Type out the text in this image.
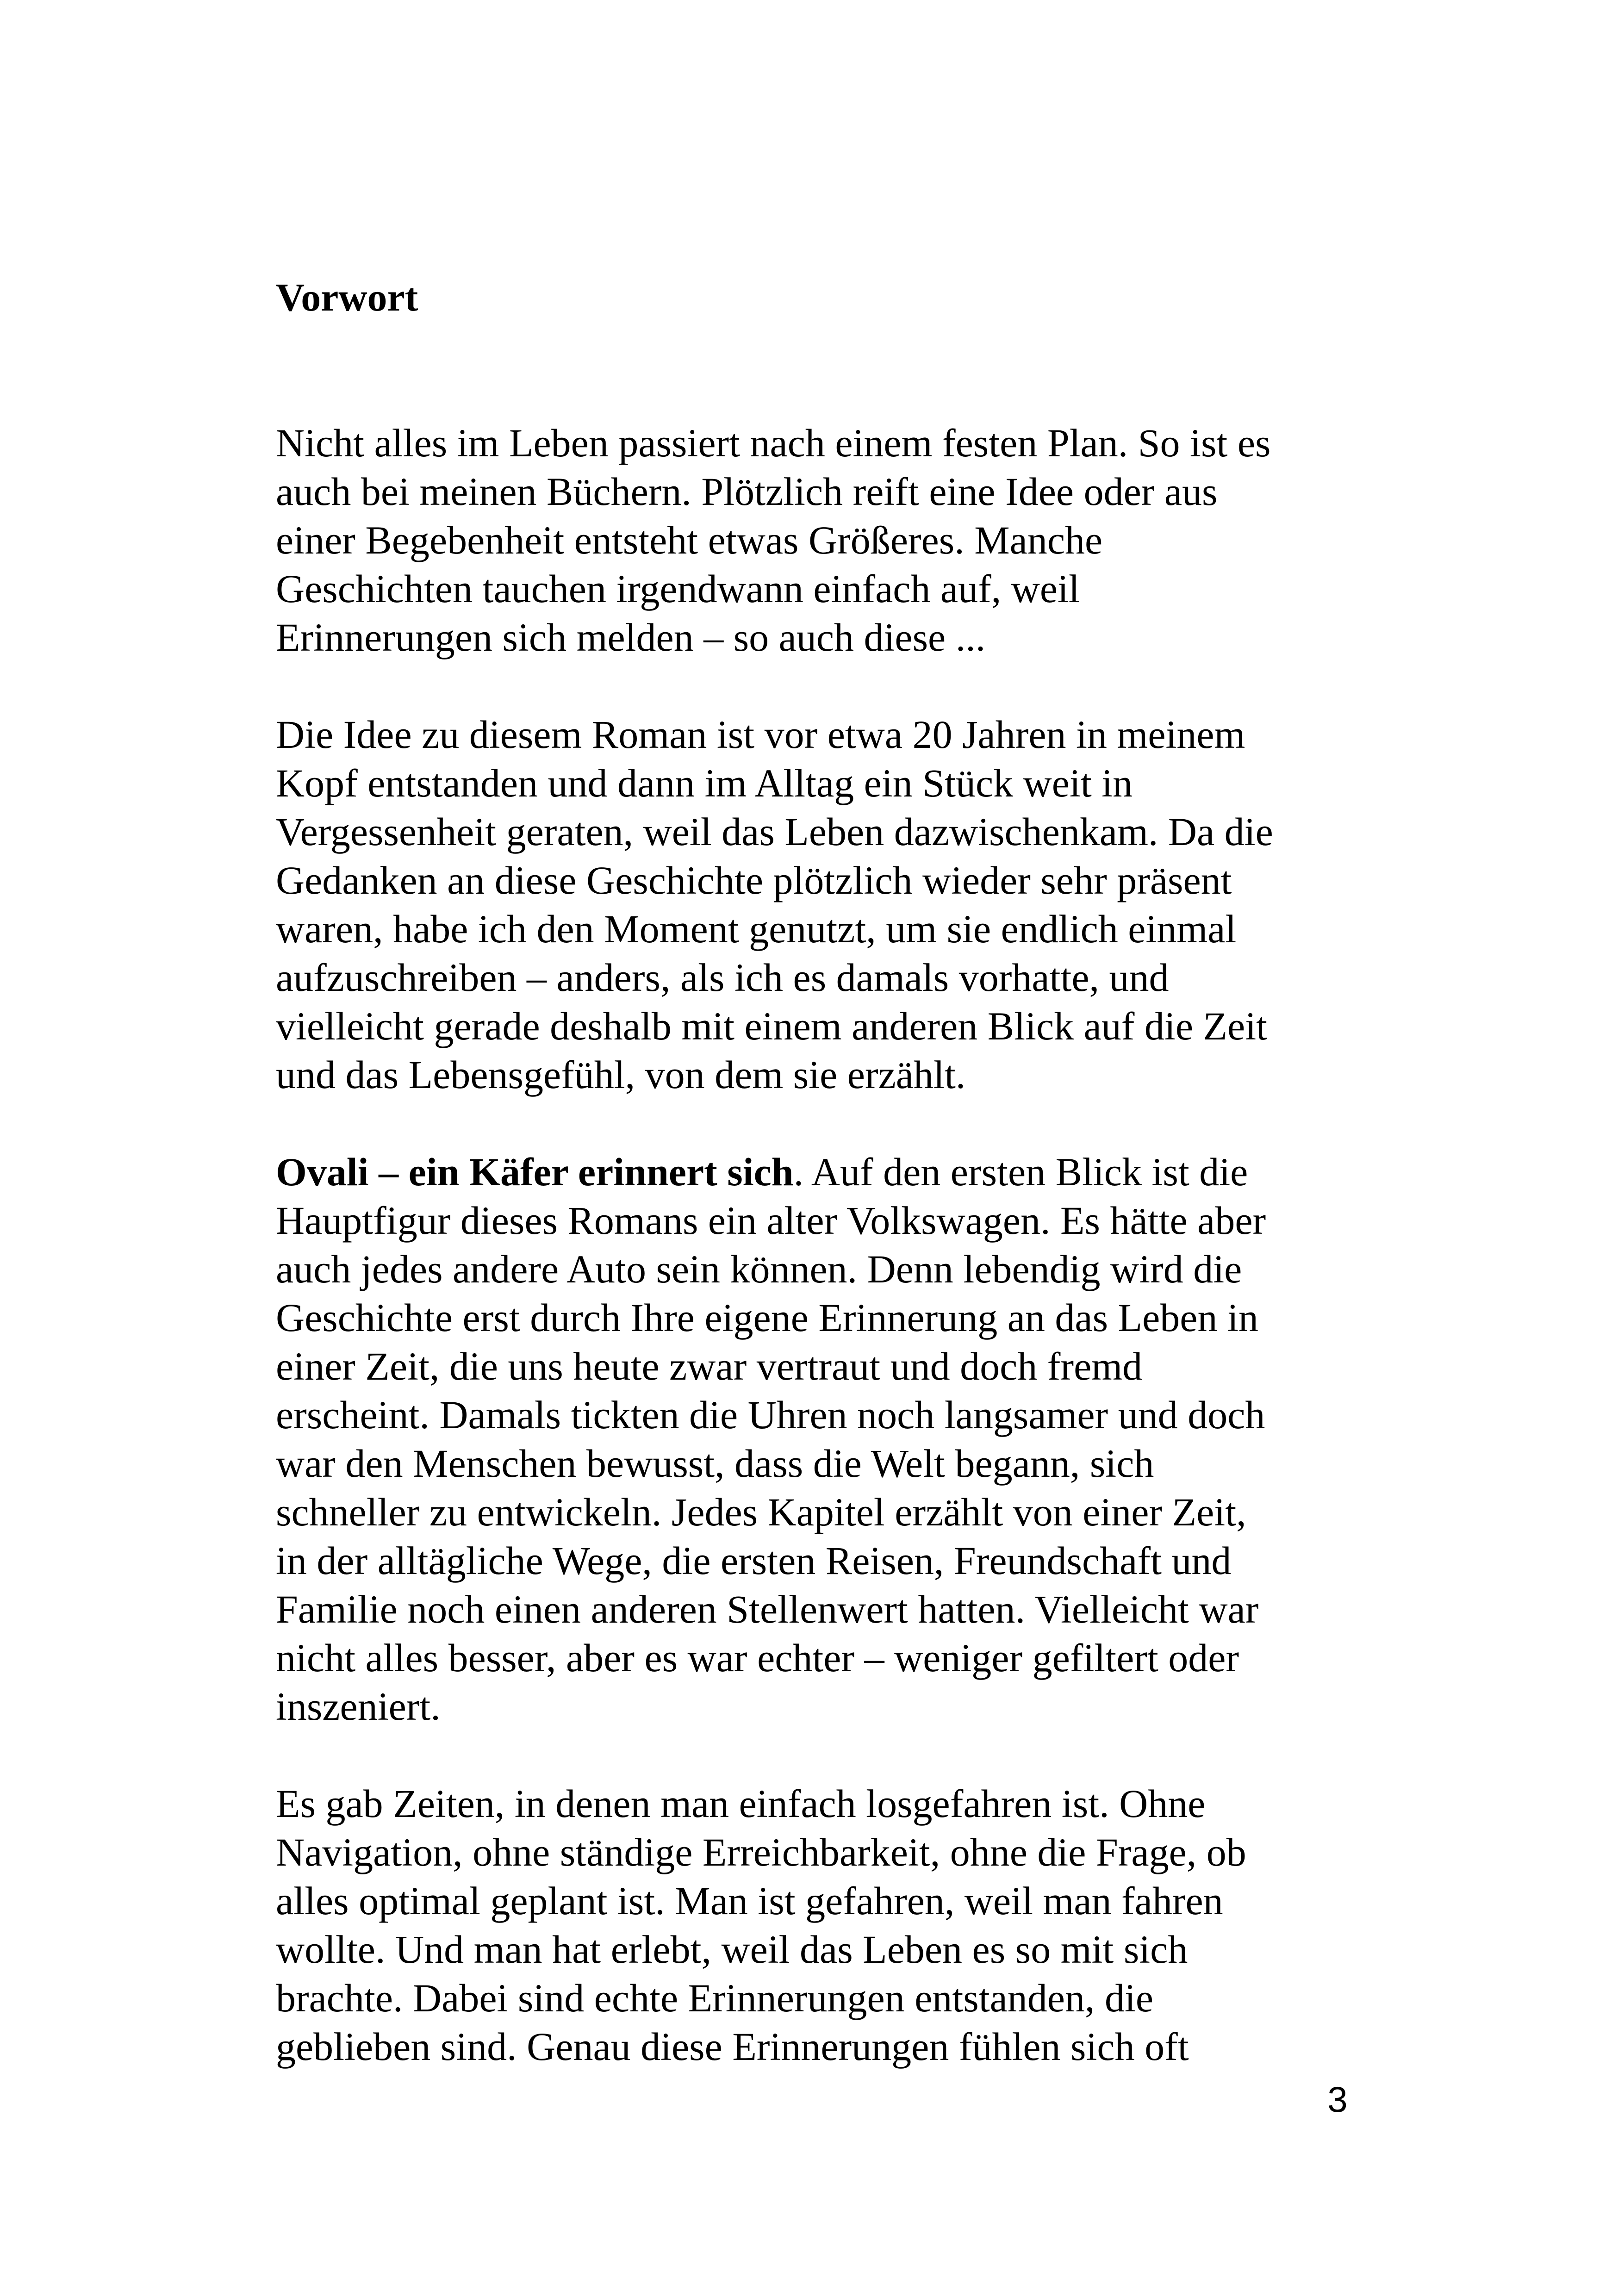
Vorwort

Nicht alles im Leben passiert nach einem festen Plan. So ist es
auch bei meinen Büchern. Plötzlich reift eine Idee oder aus
einer Begebenheit entsteht etwas Größeres. Manche
Geschichten tauchen irgendwann einfach auf, weil
Erinnerungen sich melden – so auch diese ...

Die Idee zu diesem Roman ist vor etwa 20 Jahren in meinem
Kopf entstanden und dann im Alltag ein Stück weit in
Vergessenheit geraten, weil das Leben dazwischenkam. Da die
Gedanken an diese Geschichte plötzlich wieder sehr präsent
waren, habe ich den Moment genutzt, um sie endlich einmal
aufzuschreiben – anders, als ich es damals vorhatte, und
vielleicht gerade deshalb mit einem anderen Blick auf die Zeit
und das Lebensgefühl, von dem sie erzählt.

Ovali – ein Käfer erinnert sich. Auf den ersten Blick ist die
Hauptfigur dieses Romans ein alter Volkswagen. Es hätte aber
auch jedes andere Auto sein können. Denn lebendig wird die
Geschichte erst durch Ihre eigene Erinnerung an das Leben in
einer Zeit, die uns heute zwar vertraut und doch fremd
erscheint. Damals tickten die Uhren noch langsamer und doch
war den Menschen bewusst, dass die Welt begann, sich
schneller zu entwickeln. Jedes Kapitel erzählt von einer Zeit,
in der alltägliche Wege, die ersten Reisen, Freundschaft und
Familie noch einen anderen Stellenwert hatten. Vielleicht war
nicht alles besser, aber es war echter – weniger gefiltert oder
inszeniert.

Es gab Zeiten, in denen man einfach losgefahren ist. Ohne
Navigation, ohne ständige Erreichbarkeit, ohne die Frage, ob
alles optimal geplant ist. Man ist gefahren, weil man fahren
wollte. Und man hat erlebt, weil das Leben es so mit sich
brachte. Dabei sind echte Erinnerungen entstanden, die
geblieben sind. Genau diese Erinnerungen fühlen sich oft

3
